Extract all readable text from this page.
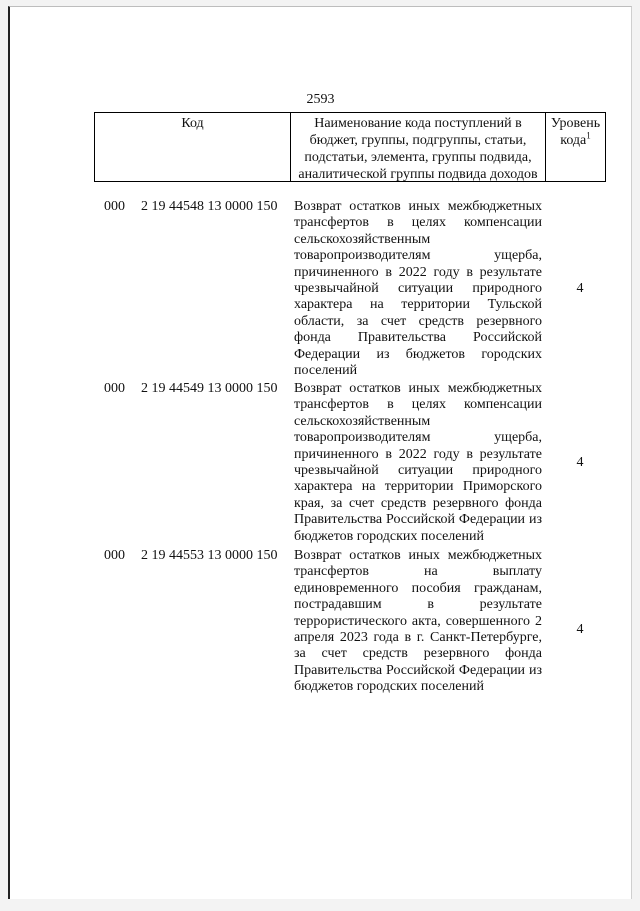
2593
Код	Наименование кода поступлений в бюджет, группы, подгруппы, статьи, подстатьи, элемента, группы подвида, аналитической группы подвида доходов
Уровень кода$^1$
000 2 19 44548 13 0000 150 Возврат остатков иных межбюджетных трансфертов в целях компенсации сельскохозяйственным товаропроизводителям ущерба, причиненного в 2022 году в результате чрезвычайной ситуации природного характера на территории Тульской области, за счет средств резервного фонда Правительства Российской Федерации из бюджетов городских поселений
4
000 2 19 44549 13 0000 150 Возврат остатков иных межбюджетных трансфертов в целях компенсации сельскохозяйственным товаропроизводителям ущерба, причиненного в 2022 году в результате чрезвычайной ситуации природного характера на территории Приморского края, за счет средств резервного фонда Правительства Российской Федерации из бюджетов городских поселений
4
000 2 19 44553 13 0000 150 Возврат остатков иных межбюджетных трансфертов на выплату единовременного пособия гражданам, пострадавшим в результате террористического акта, совершенного 2 апреля 2023 года в г. Санкт-Петербурге, за счет средств резервного фонда Правительства Российской Федерации из бюджетов городских поселений
4
